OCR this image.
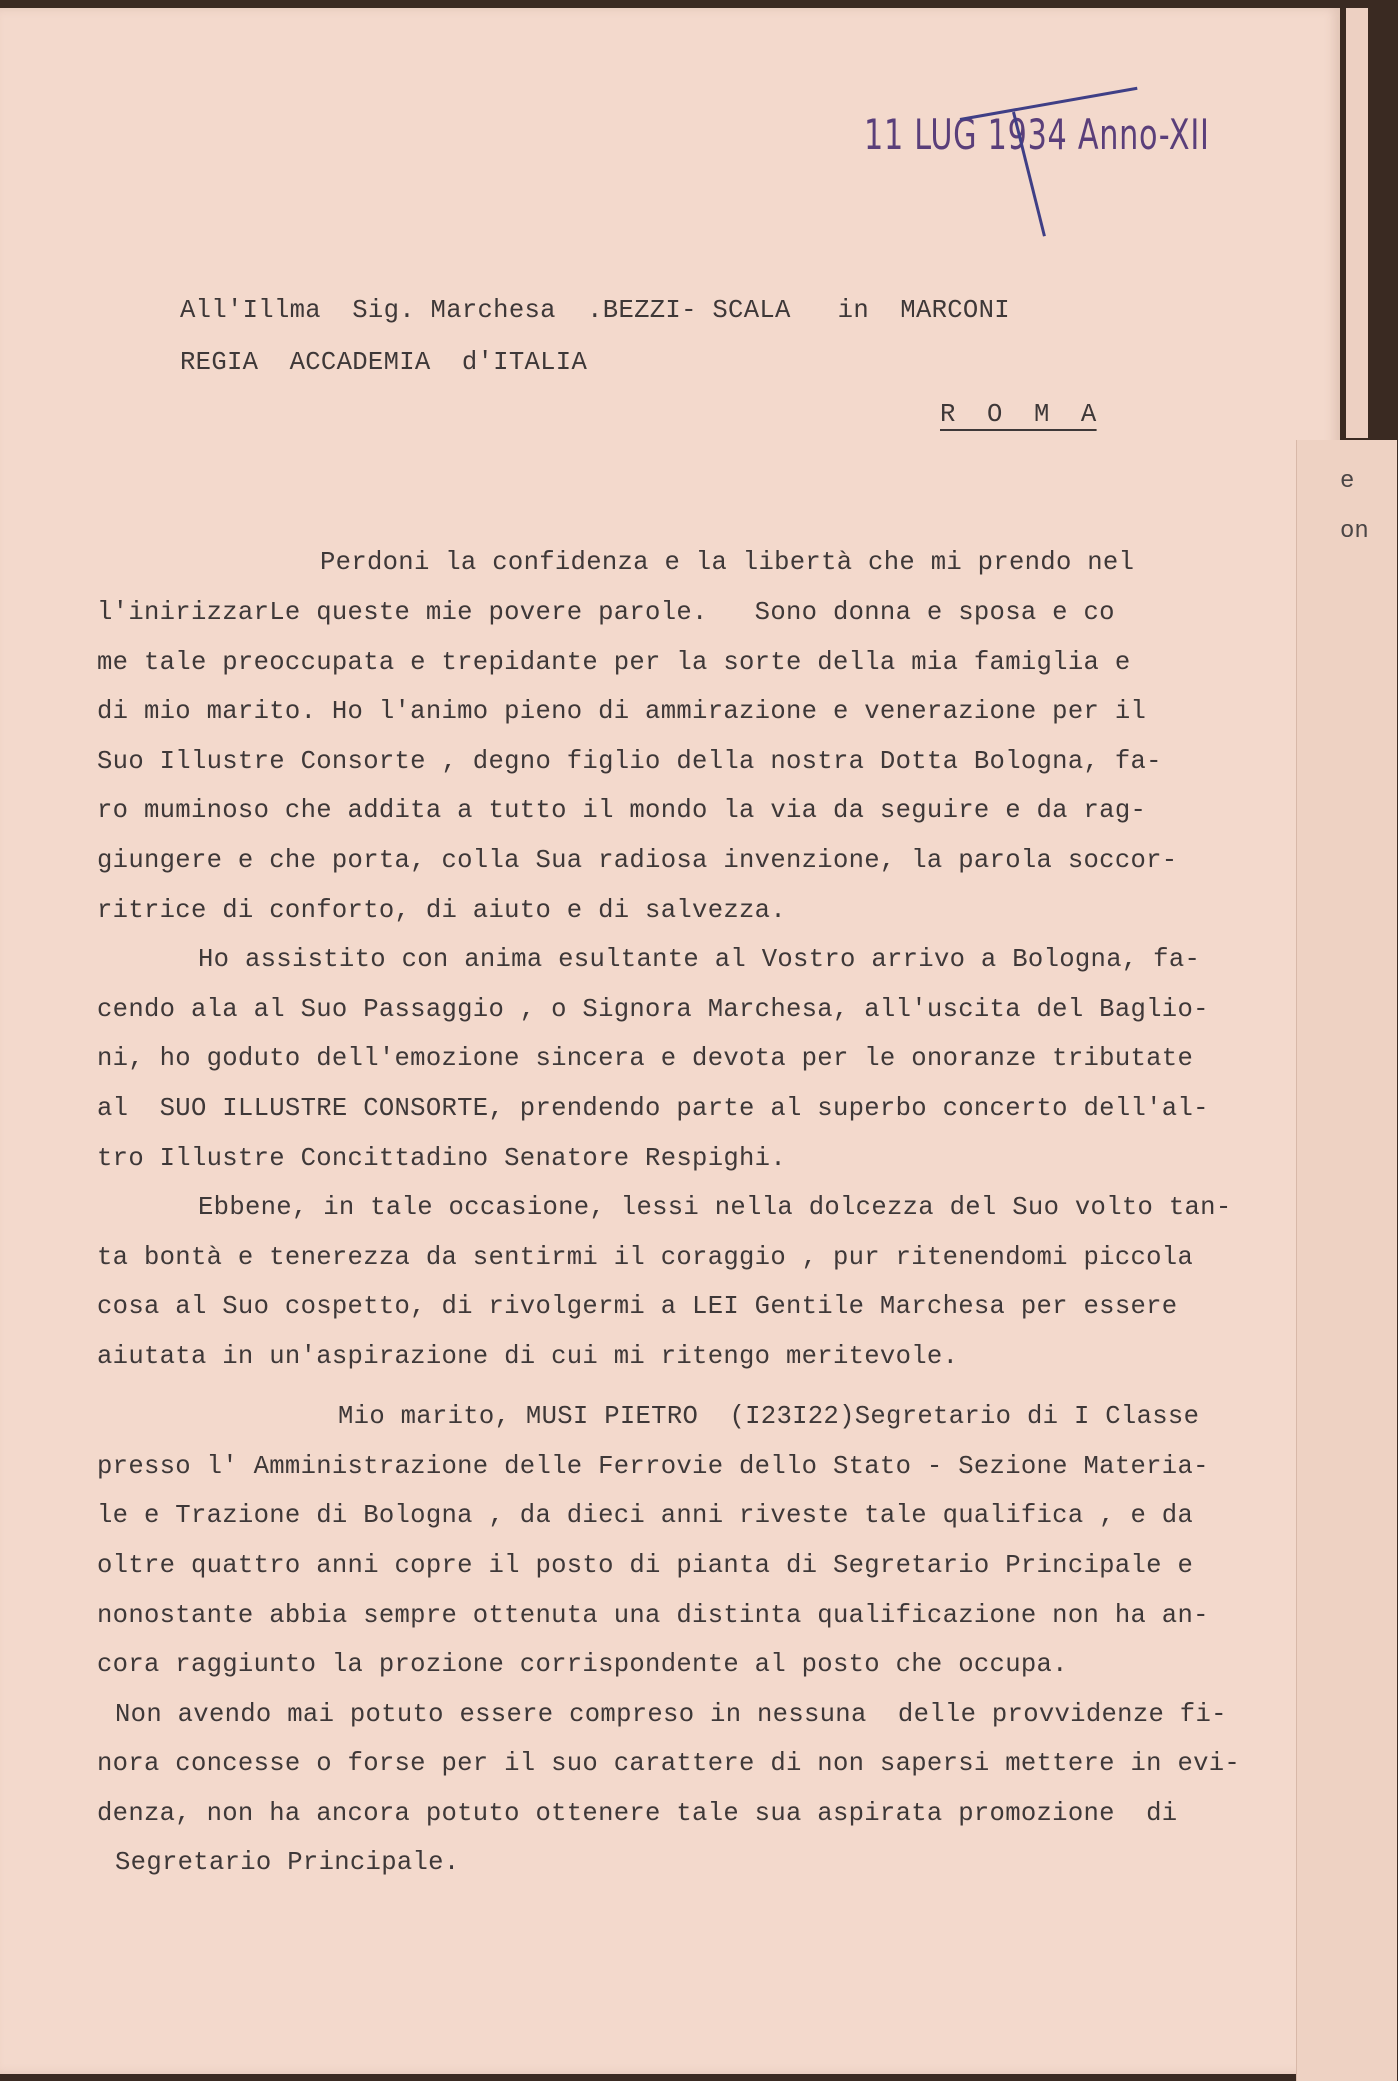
e
on
11 LUG 1934 Anno-XII
All'Illma  Sig. Marchesa  .BEZZI- SCALA   in  MARCONI
REGIA  ACCADEMIA  d'ITALIA
R  O  M  A
Perdoni la confidenza e la libertà che mi prendo nel
l'inirizzarLe queste mie povere parole.   Sono donna e sposa e co
me tale preoccupata e trepidante per la sorte della mia famiglia e
di mio marito. Ho l'animo pieno di ammirazione e venerazione per il
Suo Illustre Consorte , degno figlio della nostra Dotta Bologna, fa-
ro muminoso che addita a tutto il mondo la via da seguire e da rag-
giungere e che porta, colla Sua radiosa invenzione, la parola soccor-
ritrice di conforto, di aiuto e di salvezza.
Ho assistito con anima esultante al Vostro arrivo a Bologna, fa-
cendo ala al Suo Passaggio , o Signora Marchesa, all'uscita del Baglio-
ni, ho goduto dell'emozione sincera e devota per le onoranze tributate
al  SUO ILLUSTRE CONSORTE, prendendo parte al superbo concerto dell'al-
tro Illustre Concittadino Senatore Respighi.
Ebbene, in tale occasione, lessi nella dolcezza del Suo volto tan-
ta bontà e tenerezza da sentirmi il coraggio , pur ritenendomi piccola
cosa al Suo cospetto, di rivolgermi a LEI Gentile Marchesa per essere
aiutata in un'aspirazione di cui mi ritengo meritevole.
Mio marito, MUSI PIETRO  (I23I22)Segretario di I Classe
presso l' Amministrazione delle Ferrovie dello Stato - Sezione Materia-
le e Trazione di Bologna , da dieci anni riveste tale qualifica , e da
oltre quattro anni copre il posto di pianta di Segretario Principale e
nonostante abbia sempre ottenuta una distinta qualificazione non ha an-
cora raggiunto la prozione corrispondente al posto che occupa.
Non avendo mai potuto essere compreso in nessuna  delle provvidenze fi-
nora concesse o forse per il suo carattere di non sapersi mettere in evi-
denza, non ha ancora potuto ottenere tale sua aspirata promozione  di
Segretario Principale.
